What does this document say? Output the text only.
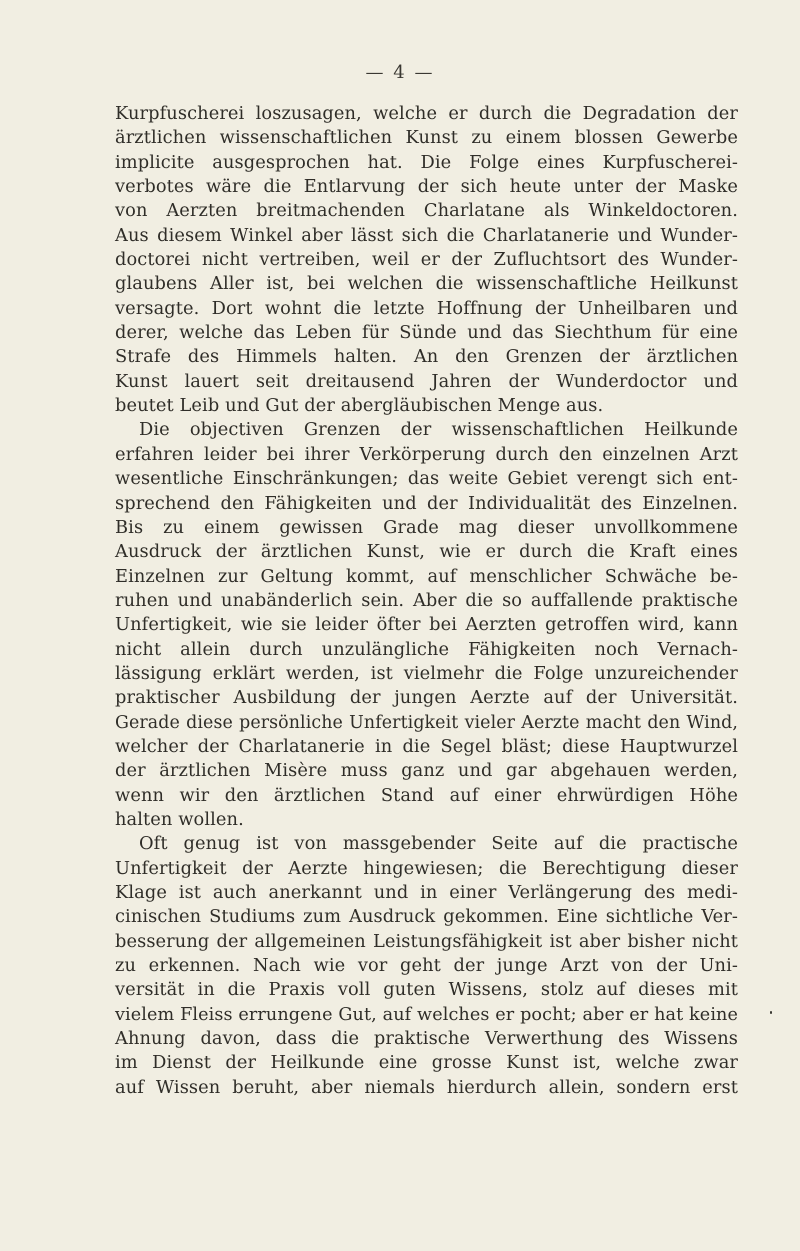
— 4 —
Kurpfuscherei loszusagen, welche er durch die Degradation der
ärztlichen wissenschaftlichen Kunst zu einem blossen Gewerbe
implicite ausgesprochen hat. Die Folge eines Kurpfuscherei-
verbotes wäre die Entlarvung der sich heute unter der Maske
von Aerzten breitmachenden Charlatane als Winkeldoctoren.
Aus diesem Winkel aber lässt sich die Charlatanerie und Wunder-
doctorei nicht vertreiben, weil er der Zufluchtsort des Wunder-
glaubens Aller ist, bei welchen die wissenschaftliche Heilkunst
versagte. Dort wohnt die letzte Hoffnung der Unheilbaren und
derer, welche das Leben für Sünde und das Siechthum für eine
Strafe des Himmels halten. An den Grenzen der ärztlichen
Kunst lauert seit dreitausend Jahren der Wunderdoctor und
beutet Leib und Gut der abergläubischen Menge aus.
Die objectiven Grenzen der wissenschaftlichen Heilkunde
erfahren leider bei ihrer Verkörperung durch den einzelnen Arzt
wesentliche Einschränkungen; das weite Gebiet verengt sich ent-
sprechend den Fähigkeiten und der Individualität des Einzelnen.
Bis zu einem gewissen Grade mag dieser unvollkommene
Ausdruck der ärztlichen Kunst, wie er durch die Kraft eines
Einzelnen zur Geltung kommt, auf menschlicher Schwäche be-
ruhen und unabänderlich sein. Aber die so auffallende praktische
Unfertigkeit, wie sie leider öfter bei Aerzten getroffen wird, kann
nicht allein durch unzulängliche Fähigkeiten noch Vernach-
lässigung erklärt werden, ist vielmehr die Folge unzureichender
praktischer Ausbildung der jungen Aerzte auf der Universität.
Gerade diese persönliche Unfertigkeit vieler Aerzte macht den Wind,
welcher der Charlatanerie in die Segel bläst; diese Hauptwurzel
der ärztlichen Misère muss ganz und gar abgehauen werden,
wenn wir den ärztlichen Stand auf einer ehrwürdigen Höhe
halten wollen.
Oft genug ist von massgebender Seite auf die practische
Unfertigkeit der Aerzte hingewiesen; die Berechtigung dieser
Klage ist auch anerkannt und in einer Verlängerung des medi-
cinischen Studiums zum Ausdruck gekommen. Eine sichtliche Ver-
besserung der allgemeinen Leistungsfähigkeit ist aber bisher nicht
zu erkennen. Nach wie vor geht der junge Arzt von der Uni-
versität in die Praxis voll guten Wissens, stolz auf dieses mit
vielem Fleiss errungene Gut, auf welches er pocht; aber er hat keine
Ahnung davon, dass die praktische Verwerthung des Wissens
im Dienst der Heilkunde eine grosse Kunst ist, welche zwar
auf Wissen beruht, aber niemals hierdurch allein, sondern erst
